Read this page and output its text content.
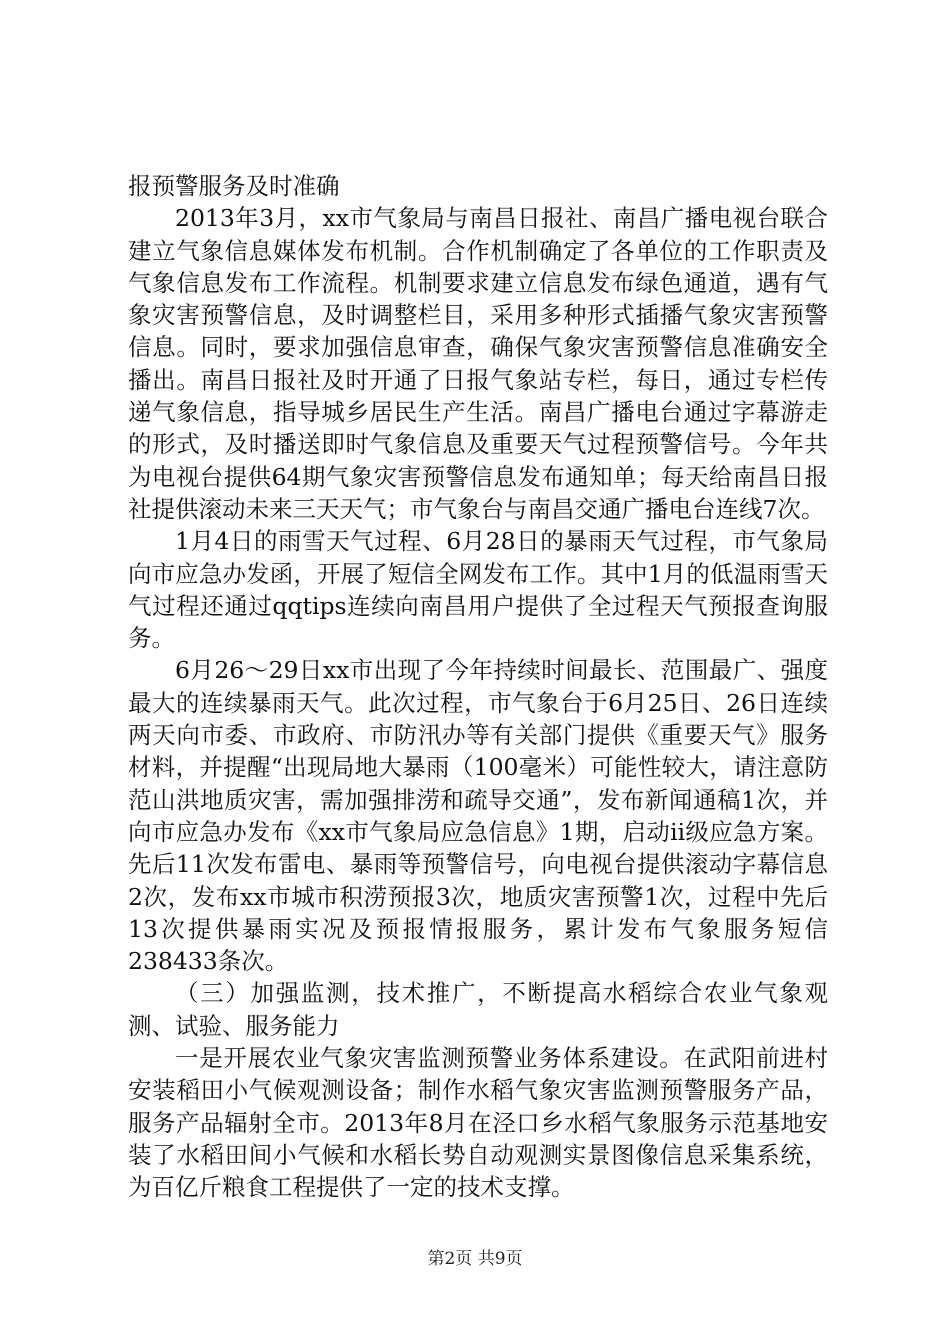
报预警服务及时准确

2013年3月，xx市气象局与南昌日报社、南昌广播电视台联合建立气象信息媒体发布机制。合作机制确定了各单位的工作职责及气象信息发布工作流程。机制要求建立信息发布绿色通道，遇有气象灾害预警信息，及时调整栏目，采用多种形式插播气象灾害预警信息。同时，要求加强信息审查，确保气象灾害预警信息准确安全播出。南昌日报社及时开通了日报气象站专栏，每日，通过专栏传递气象信息，指导城乡居民生产生活。南昌广播电台通过字幕游走的形式，及时播送即时气象信息及重要天气过程预警信号。今年共为电视台提供64期气象灾害预警信息发布通知单；每天给南昌日报社提供滚动未来三天天气；市气象台与南昌交通广播电台连线7次。

1月4日的雨雪天气过程、6月28日的暴雨天气过程，市气象局向市应急办发函，开展了短信全网发布工作。其中1月的低温雨雪天气过程还通过qqtips连续向南昌用户提供了全过程天气预报查询服务。

6月26～29日xx市出现了今年持续时间最长、范围最广、强度最大的连续暴雨天气。此次过程，市气象台于6月25日、26日连续两天向市委、市政府、市防汛办等有关部门提供《重要天气》服务材料，并提醒“出现局地大暴雨（100毫米）可能性较大，请注意防范山洪地质灾害，需加强排涝和疏导交通”，发布新闻通稿1次，并向市应急办发布《xx市气象局应急信息》1期，启动ii级应急方案。先后11次发布雷电、暴雨等预警信号，向电视台提供滚动字幕信息2次，发布xx市城市积涝预报3次，地质灾害预警1次，过程中先后13次提供暴雨实况及预报情报服务，累计发布气象服务短信238433条次。

（三）加强监测，技术推广，不断提高水稻综合农业气象观测、试验、服务能力

一是开展农业气象灾害监测预警业务体系建设。在武阳前进村安装稻田小气候观测设备；制作水稻气象灾害监测预警服务产品，服务产品辐射全市。2013年8月在泾口乡水稻气象服务示范基地安装了水稻田间小气候和水稻长势自动观测实景图像信息采集系统，为百亿斤粮食工程提供了一定的技术支撑。

第2页 共9页
